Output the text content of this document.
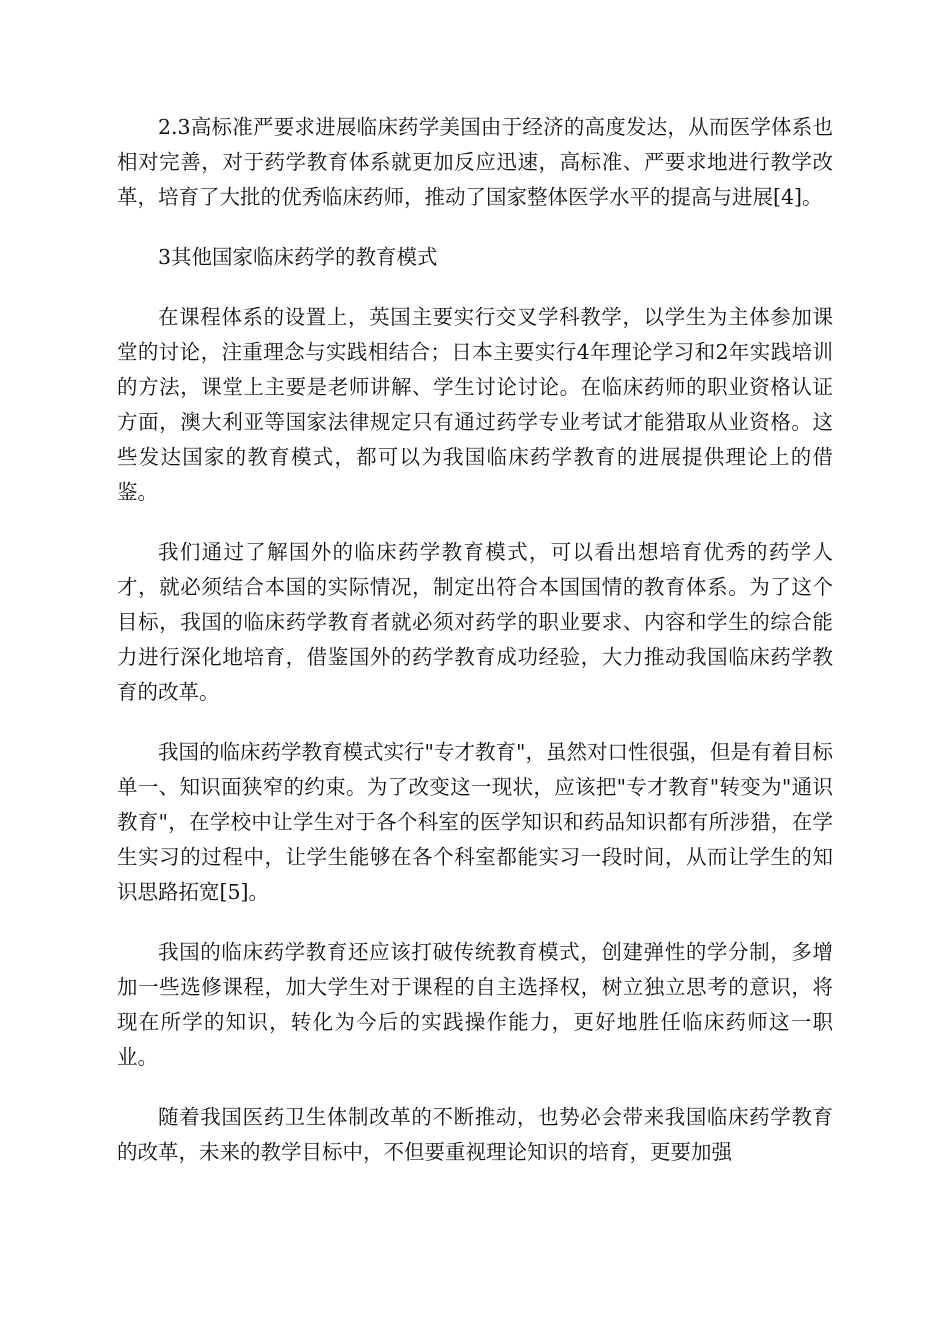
2.3高标准严要求进展临床药学美国由于经济的高度发达，从而医学体系也相对完善，对于药学教育体系就更加反应迅速，高标准、严要求地进行教学改革，培育了大批的优秀临床药师，推动了国家整体医学水平的提高与进展[4]。

3其他国家临床药学的教育模式

在课程体系的设置上，英国主要实行交叉学科教学，以学生为主体参加课堂的讨论，注重理念与实践相结合；日本主要实行4年理论学习和2年实践培训的方法，课堂上主要是老师讲解、学生讨论讨论。在临床药师的职业资格认证方面，澳大利亚等国家法律规定只有通过药学专业考试才能猎取从业资格。这些发达国家的教育模式，都可以为我国临床药学教育的进展提供理论上的借鉴。

我们通过了解国外的临床药学教育模式，可以看出想培育优秀的药学人才，就必须结合本国的实际情况，制定出符合本国国情的教育体系。为了这个目标，我国的临床药学教育者就必须对药学的职业要求、内容和学生的综合能力进行深化地培育，借鉴国外的药学教育成功经验，大力推动我国临床药学教育的改革。

我国的临床药学教育模式实行"专才教育"，虽然对口性很强，但是有着目标单一、知识面狭窄的约束。为了改变这一现状，应该把"专才教育"转变为"通识教育"，在学校中让学生对于各个科室的医学知识和药品知识都有所涉猎，在学生实习的过程中，让学生能够在各个科室都能实习一段时间，从而让学生的知识思路拓宽[5]。

我国的临床药学教育还应该打破传统教育模式，创建弹性的学分制，多增加一些选修课程，加大学生对于课程的自主选择权，树立独立思考的意识，将现在所学的知识，转化为今后的实践操作能力，更好地胜任临床药师这一职业。

随着我国医药卫生体制改革的不断推动，也势必会带来我国临床药学教育的改革，未来的教学目标中，不但要重视理论知识的培育，更要加强
